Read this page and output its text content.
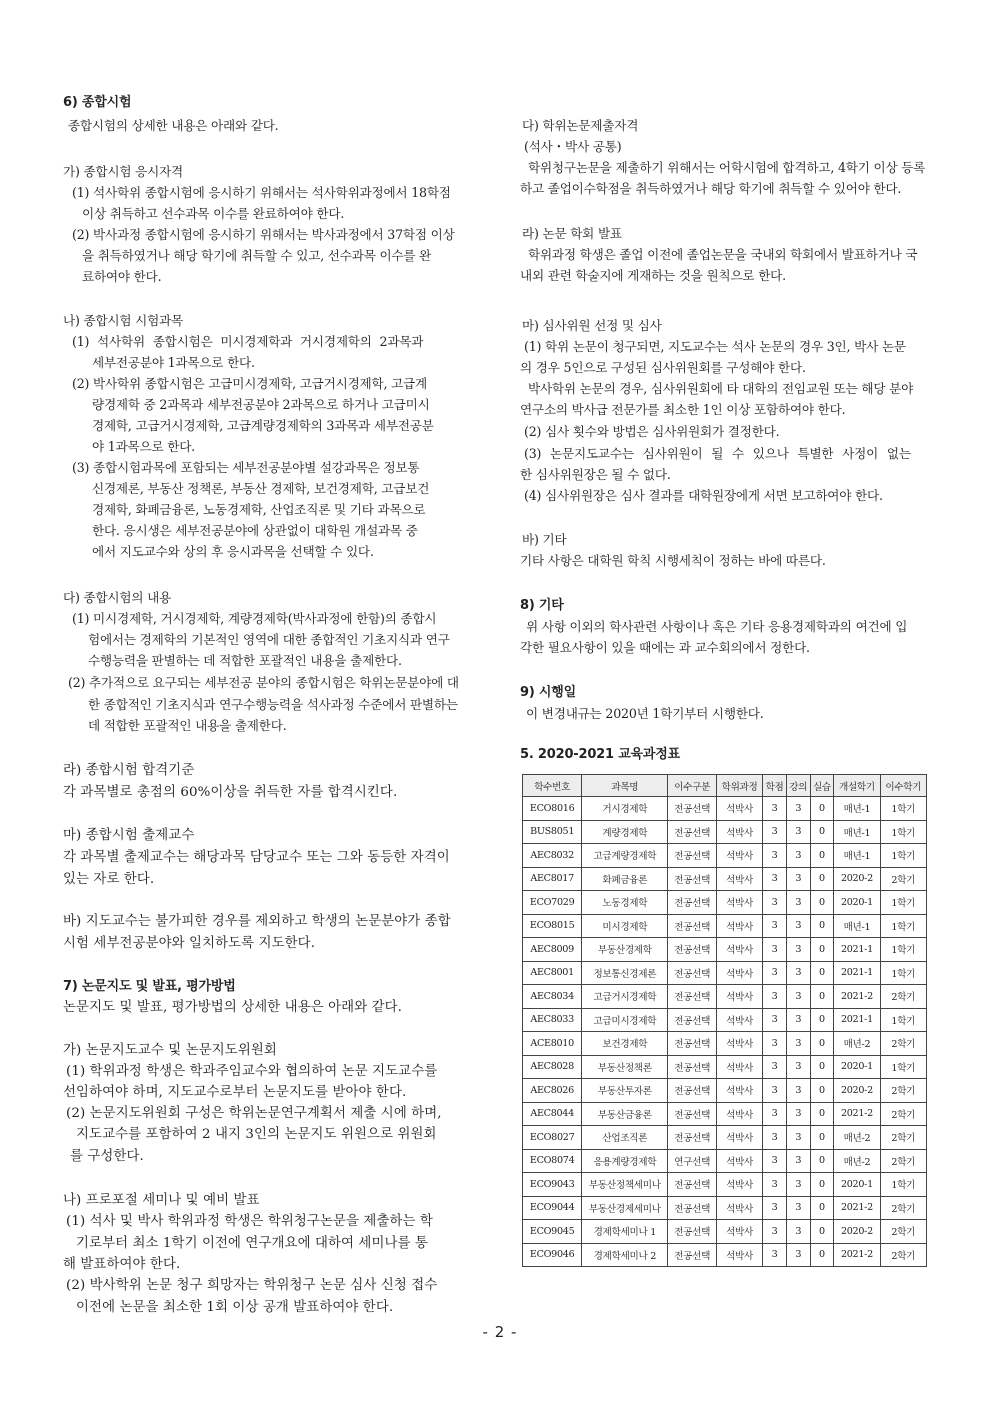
6) 종합시험
종합시험의 상세한 내용은 아래와 같다.
가) 종합시험 응시자격
(1) 석사학위 종합시험에 응시하기 위해서는 석사학위과정에서 18학점
이상 취득하고 선수과목 이수를 완료하여야 한다.
(2) 박사과정 종합시험에 응시하기 위해서는 박사과정에서 37학점 이상
을 취득하였거나 해당 학기에 취득할 수 있고, 선수과목 이수를 완
료하여야 한다.
나) 종합시험 시험과목
(1) 석사학위 종합시험은 미시경제학과 거시경제학의 2과목과
세부전공분야 1과목으로 한다.
(2) 박사학위 종합시험은 고급미시경제학, 고급거시경제학, 고급계
량경제학 중 2과목과 세부전공분야 2과목으로 하거나 고급미시
경제학, 고급거시경제학, 고급계량경제학의 3과목과 세부전공분
야 1과목으로 한다.
(3) 종합시험과목에 포함되는 세부전공분야별 설강과목은 정보통
신경제론, 부동산 정책론, 부동산 경제학, 보건경제학, 고급보건
경제학, 화폐금융론, 노동경제학, 산업조직론 및 기타 과목으로
한다. 응시생은 세부전공분야에 상관없이 대학원 개설과목 중
에서 지도교수와 상의 후 응시과목을 선택할 수 있다.
다) 종합시험의 내용
(1) 미시경제학, 거시경제학, 계량경제학(박사과정에 한함)의 종합시
험에서는 경제학의 기본적인 영역에 대한 종합적인 기초지식과 연구
수행능력을 판별하는 데 적합한 포괄적인 내용을 출제한다.
(2) 추가적으로 요구되는 세부전공 분야의 종합시험은 학위논문분야에 대
한 종합적인 기초지식과 연구수행능력을 석사과정 수준에서 판별하는
데 적합한 포괄적인 내용을 출제한다.
라) 종합시험 합격기준
각 과목별로 총점의 60%이상을 취득한 자를 합격시킨다.
마) 종합시험 출제교수
각 과목별 출제교수는 해당과목 담당교수 또는 그와 동등한 자격이
있는 자로 한다.
바) 지도교수는 불가피한 경우를 제외하고 학생의 논문분야가 종합
시험 세부전공분야와 일치하도록 지도한다.
7) 논문지도 및 발표, 평가방법
논문지도 및 발표, 평가방법의 상세한 내용은 아래와 같다.
가) 논문지도교수 및 논문지도위원회
(1) 학위과정 학생은 학과주임교수와 협의하여 논문 지도교수를
선임하여야 하며, 지도교수로부터 논문지도를 받아야 한다.
(2) 논문지도위원회 구성은 학위논문연구계획서 제출 시에 하며,
지도교수를 포함하여 2 내지 3인의 논문지도 위원으로 위원회
를 구성한다.
나) 프로포절 세미나 및 예비 발표
(1) 석사 및 박사 학위과정 학생은 학위청구논문을 제출하는 학
기로부터 최소 1학기 이전에 연구개요에 대하여 세미나를 통
해 발표하여야 한다.
(2) 박사학위 논문 청구 희망자는 학위청구 논문 심사 신청 접수
이전에 논문을 최소한 1회 이상 공개 발표하여야 한다.
다) 학위논문제출자격
(석사・박사 공통)
학위청구논문을 제출하기 위해서는 어학시험에 합격하고, 4학기 이상 등록
하고 졸업이수학점을 취득하였거나 해당 학기에 취득할 수 있어야 한다.
라) 논문 학회 발표
학위과정 학생은 졸업 이전에 졸업논문을 국내외 학회에서 발표하거나 국
내외 관련 학술지에 게재하는 것을 원칙으로 한다.
마) 심사위원 선정 및 심사
(1) 학위 논문이 청구되면, 지도교수는 석사 논문의 경우 3인, 박사 논문
의 경우 5인으로 구성된 심사위원회를 구성해야 한다.
박사학위 논문의 경우, 심사위원회에 타 대학의 전임교원 또는 해당 분야
연구소의 박사급 전문가를 최소한 1인 이상 포함하여야 한다.
(2) 심사 횟수와 방법은 심사위원회가 결정한다.
(3) 논문지도교수는 심사위원이 될 수 있으나 특별한 사정이 없는
한 심사위원장은 될 수 없다.
(4) 심사위원장은 심사 결과를 대학원장에게 서면 보고하여야 한다.
바) 기타
기타 사항은 대학원 학칙 시행세칙이 정하는 바에 따른다.
8) 기타
위 사항 이외의 학사관련 사항이나 혹은 기타 응용경제학과의 여건에 입
각한 필요사항이 있을 때에는 과 교수회의에서 정한다.
9) 시행일
이 변경내규는 2020년 1학기부터 시행한다.
5. 2020-2021 교육과정표
학수번호	과목명	이수구분	학위과정	학점	강의	실습	개설학기	이수학기
ECO8016	거시경제학	전공선택	석박사	3	3	0	매년-1	1학기
BUS8051	계량경제학	전공선택	석박사	3	3	0	매년-1	1학기
AEC8032	고급계량경제학	전공선택	석박사	3	3	0	매년-1	1학기
AEC8017	화폐금융론	전공선택	석박사	3	3	0	2020-2	2학기
ECO7029	노동경제학	전공선택	석박사	3	3	0	2020-1	1학기
ECO8015	미시경제학	전공선택	석박사	3	3	0	매년-1	1학기
AEC8009	부동산경제학	전공선택	석박사	3	3	0	2021-1	1학기
AEC8001	정보통신경제론	전공선택	석박사	3	3	0	2021-1	1학기
AEC8034	고급거시경제학	전공선택	석박사	3	3	0	2021-2	2학기
AEC8033	고급미시경제학	전공선택	석박사	3	3	0	2021-1	1학기
ACE8010	보건경제학	전공선택	석박사	3	3	0	매년-2	2학기
AEC8028	부동산정책론	전공선택	석박사	3	3	0	2020-1	1학기
AEC8026	부동산투자론	전공선택	석박사	3	3	0	2020-2	2학기
AEC8044	부동산금융론	전공선택	석박사	3	3	0	2021-2	2학기
ECO8027	산업조직론	전공선택	석박사	3	3	0	매년-2	2학기
ECO8074	응용계량경제학	연구선택	석박사	3	3	0	매년-2	2학기
ECO9043	부동산정책세미나	전공선택	석박사	3	3	0	2020-1	1학기
ECO9044	부동산경제세미나	전공선택	석박사	3	3	0	2021-2	2학기
ECO9045	경제학세미나 1	전공선택	석박사	3	3	0	2020-2	2학기
ECO9046	경제학세미나 2	전공선택	석박사	3	3	0	2021-2	2학기
- 2 -
